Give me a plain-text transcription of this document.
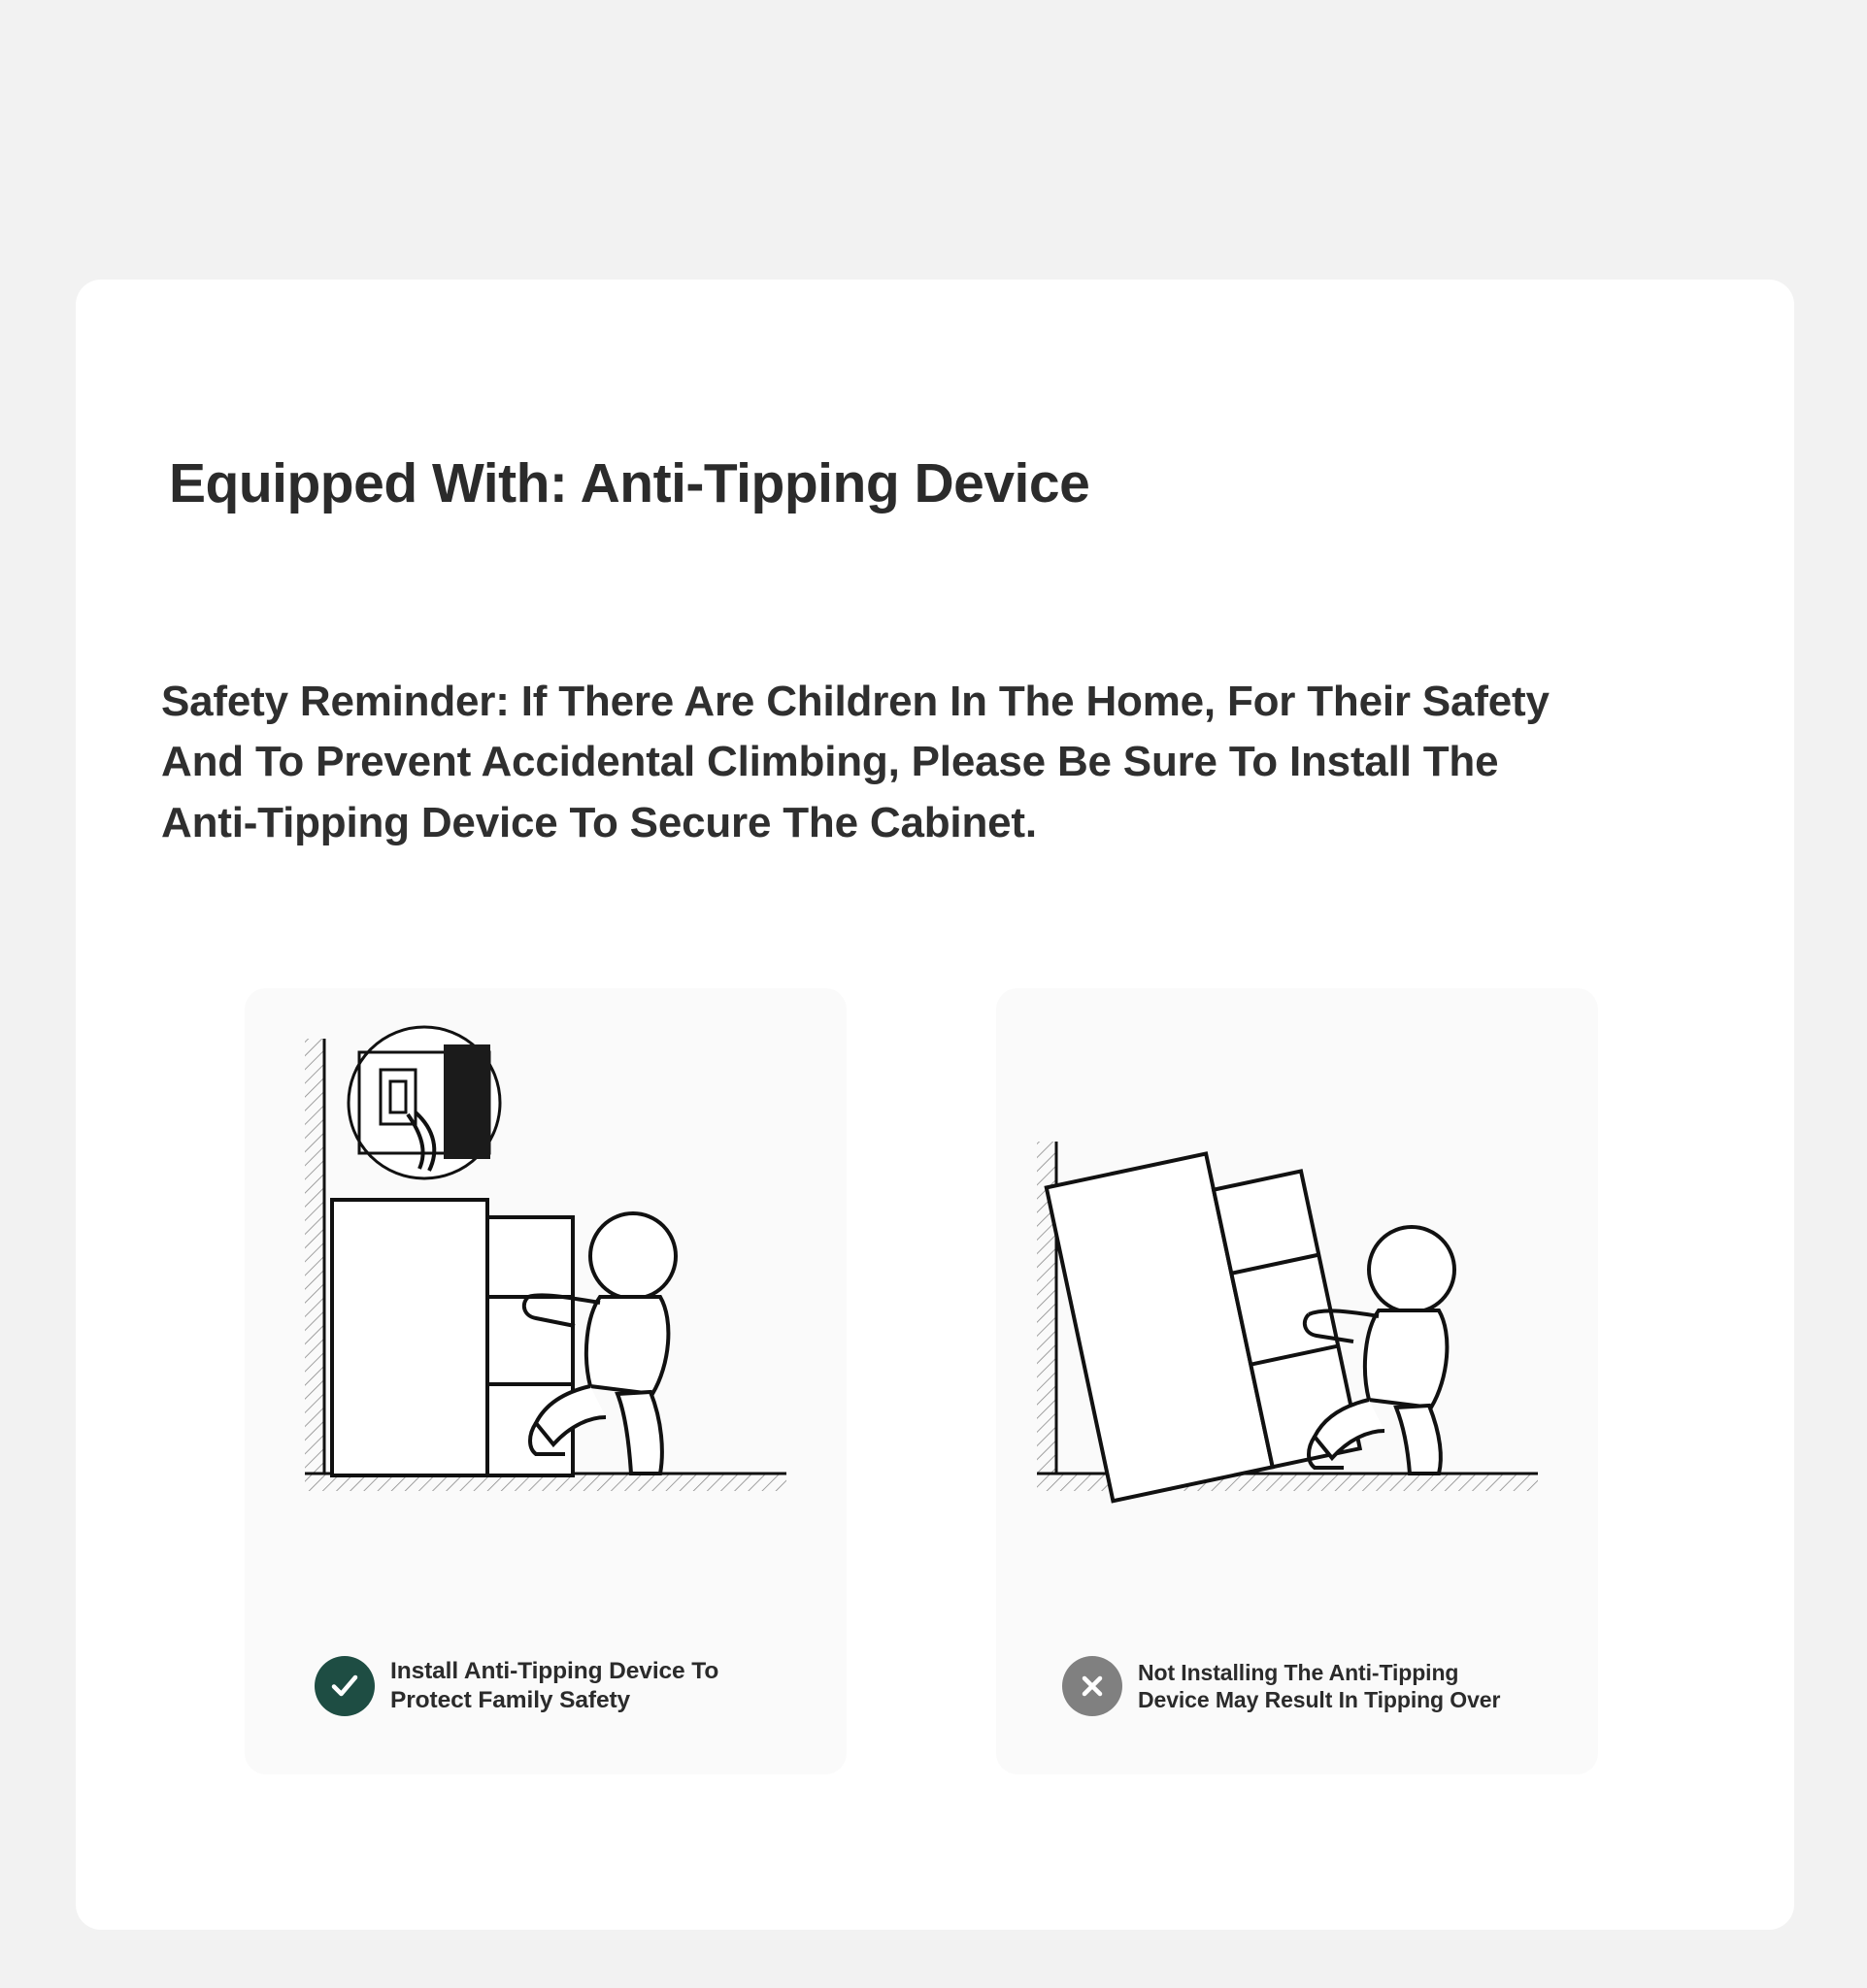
Equipped With: Anti-Tipping Device

Safety Reminder: If There Are Children In The Home, For Their Safety And To Prevent Accidental Climbing, Please Be Sure To Install The Anti-Tipping Device To Secure The Cabinet.

Install Anti-Tipping Device To Protect Family Safety
Not Installing The Anti-Tipping Device May Result In Tipping Over
